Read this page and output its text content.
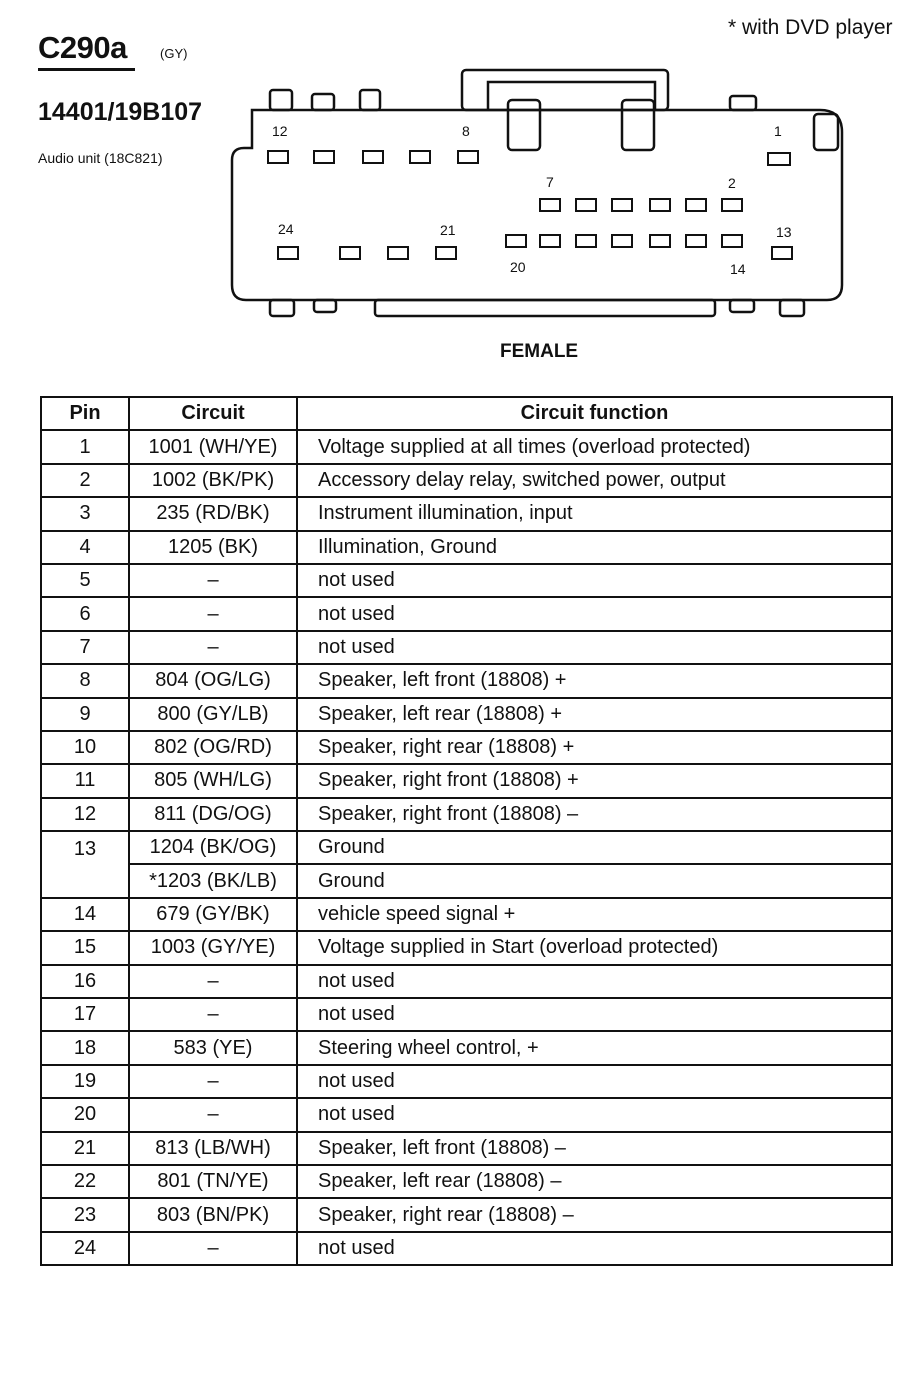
C290a	(GY)
* with DVD player
14401/19B107
Audio unit (18C821)
12	8	1
7	2
24	21	13
20	14
FEMALE
Pin	Circuit	Circuit function
1	1001 (WH/YE)	Voltage supplied at all times (overload protected)
2	1002 (BK/PK)	Accessory delay relay, switched power, output
3	235 (RD/BK)	Instrument illumination, input
4	1205 (BK)	Illumination, Ground
5	–	not used
6	–	not used
7	–	not used
8	804 (OG/LG)	Speaker, left front (18808) +
9	800 (GY/LB)	Speaker, left rear (18808) +
10	802 (OG/RD)	Speaker, right rear (18808) +
11	805 (WH/LG)	Speaker, right front (18808) +
12	811 (DG/OG)	Speaker, right front (18808) –
13	1204 (BK/OG)	Ground
	*1203 (BK/LB)	Ground
14	679 (GY/BK)	vehicle speed signal +
15	1003 (GY/YE)	Voltage supplied in Start (overload protected)
16	–	not used
17	–	not used
18	583 (YE)	Steering wheel control, +
19	–	not used
20	–	not used
21	813 (LB/WH)	Speaker, left front (18808) –
22	801 (TN/YE)	Speaker, left rear (18808) –
23	803 (BN/PK)	Speaker, right rear (18808) –
24	–	not used
